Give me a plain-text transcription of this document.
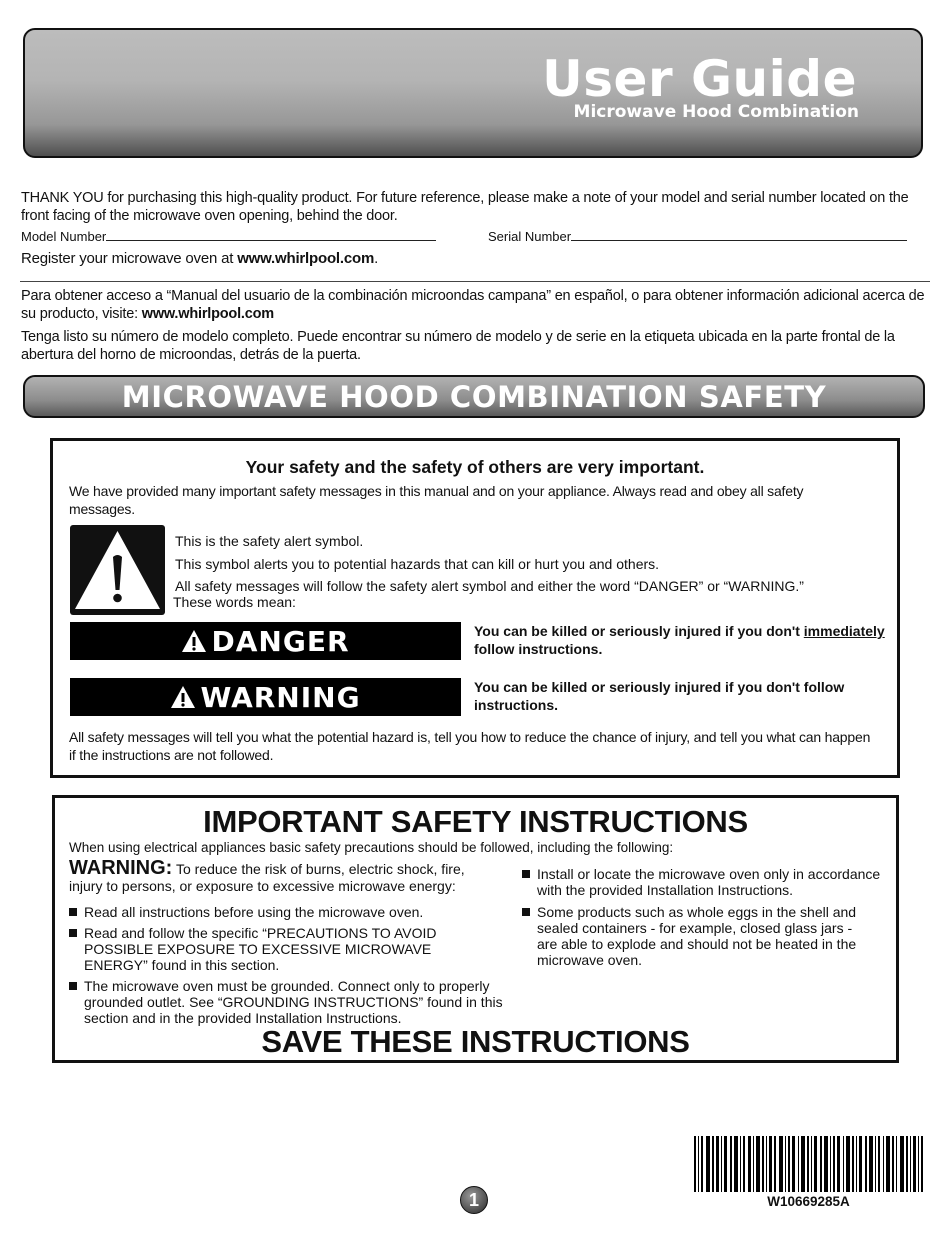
User Guide
Microwave Hood Combination
THANK YOU for purchasing this high-quality product. For future reference, please make a note of your model and serial number located on the front facing of the microwave oven opening, behind the door.
Model Number	Serial Number
Register your microwave oven at www.whirlpool.com.
Para obtener acceso a “Manual del usuario de la combinación microondas campana” en español, o para obtener información adicional acerca de su producto, visite: www.whirlpool.com
Tenga listo su número de modelo completo. Puede encontrar su número de modelo y de serie en la etiqueta ubicada en la parte frontal de la abertura del horno de microondas, detrás de la puerta.
MICROWAVE HOOD COMBINATION SAFETY
Your safety and the safety of others are very important.
We have provided many important safety messages in this manual and on your appliance. Always read and obey all safety messages.
This is the safety alert symbol.
This symbol alerts you to potential hazards that can kill or hurt you and others.
All safety messages will follow the safety alert symbol and either the word “DANGER” or “WARNING.”
These words mean:
DANGER	You can be killed or seriously injured if you don't immediately follow instructions.
WARNING	You can be killed or seriously injured if you don't follow instructions.
All safety messages will tell you what the potential hazard is, tell you how to reduce the chance of injury, and tell you what can happen if the instructions are not followed.
IMPORTANT SAFETY INSTRUCTIONS
When using electrical appliances basic safety precautions should be followed, including the following:
WARNING: To reduce the risk of burns, electric shock, fire, injury to persons, or exposure to excessive microwave energy:
Read all instructions before using the microwave oven.
Read and follow the specific “PRECAUTIONS TO AVOID POSSIBLE EXPOSURE TO EXCESSIVE MICROWAVE ENERGY” found in this section.
The microwave oven must be grounded. Connect only to properly grounded outlet. See “GROUNDING INSTRUCTIONS” found in this section and in the provided Installation Instructions.
Install or locate the microwave oven only in accordance with the provided Installation Instructions.
Some products such as whole eggs in the shell and sealed containers - for example, closed glass jars - are able to explode and should not be heated in the microwave oven.
SAVE THESE INSTRUCTIONS
1	W10669285A
